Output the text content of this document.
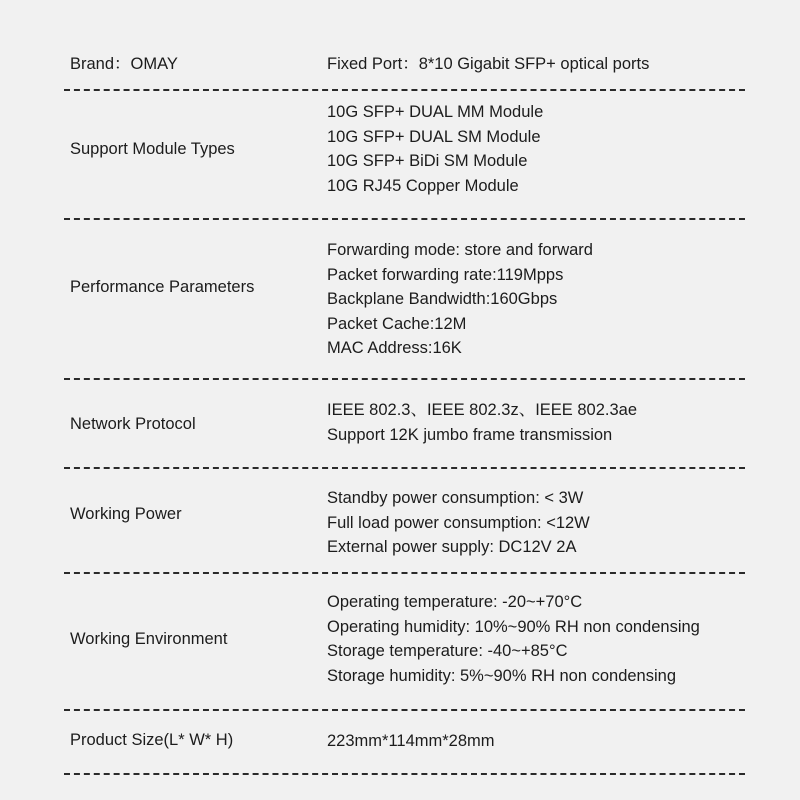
Brand：OMAY	Fixed Port：8*10 Gigabit SFP+ optical ports
Support Module Types
10G SFP+ DUAL MM Module
10G SFP+ DUAL SM Module
10G SFP+ BiDi SM Module
10G RJ45 Copper Module
Performance Parameters
Forwarding mode: store and forward
Packet forwarding rate:119Mpps
Backplane Bandwidth:160Gbps
Packet Cache:12M
MAC Address:16K
Network Protocol
IEEE 802.3、IEEE 802.3z、IEEE 802.3ae
Support 12K jumbo frame transmission
Working Power
Standby power consumption: < 3W
Full load power consumption: <12W
External power supply: DC12V 2A
Working Environment
Operating temperature: -20~+70°C
Operating humidity: 10%~90% RH non condensing
Storage temperature: -40~+85°C
Storage humidity: 5%~90% RH non condensing
Product Size(L* W* H)	223mm*114mm*28mm
